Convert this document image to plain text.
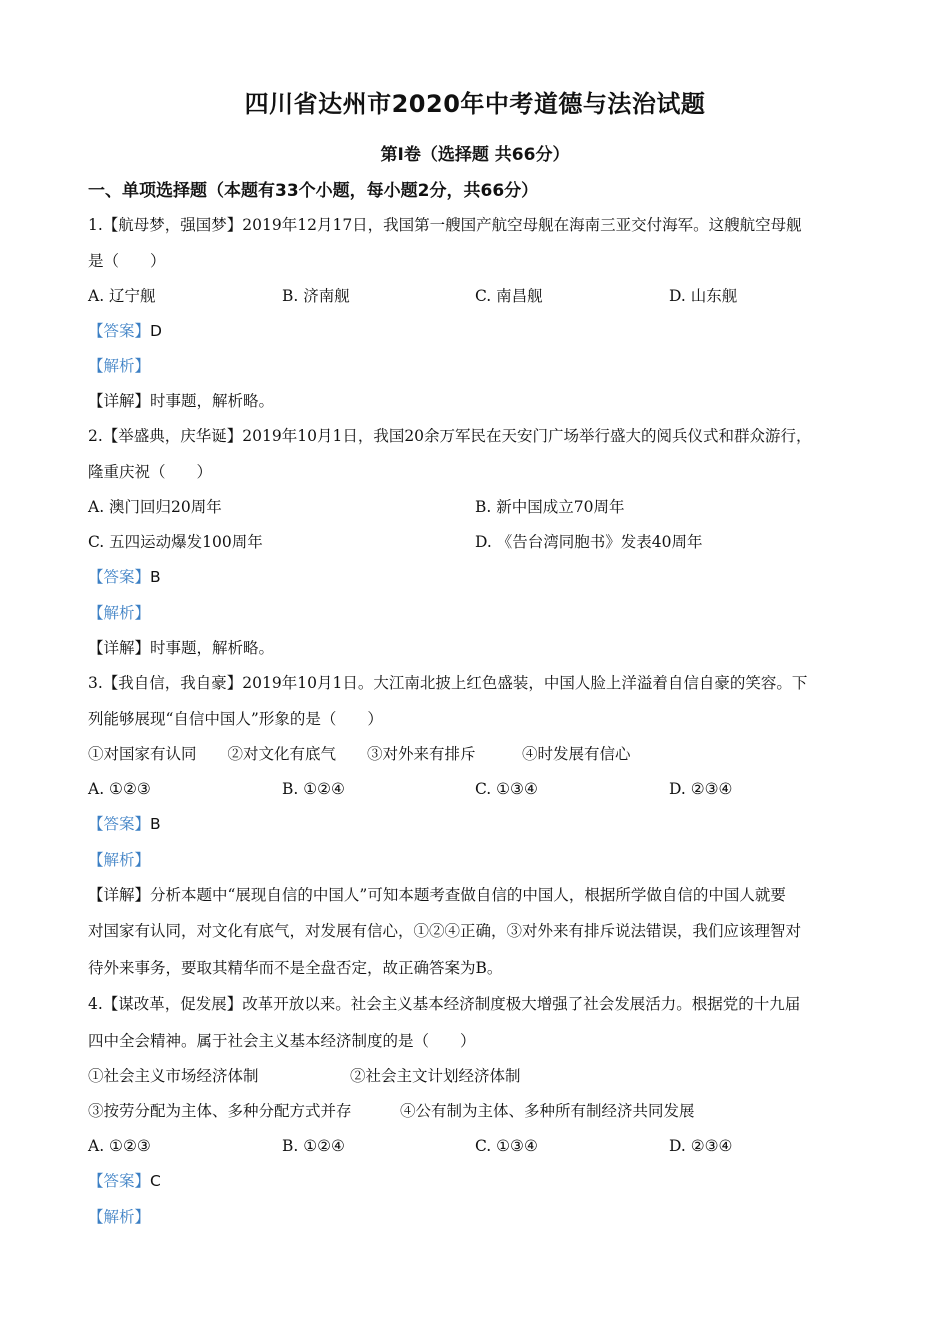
四川省达州市2020年中考道德与法治试题
第I卷（选择题 共66分）
一、单项选择题（本题有33个小题，每小题2分，共66分）
1.【航母梦，强国梦】2019年12月17日，我国第一艘国产航空母舰在海南三亚交付海军。这艘航空母舰
是（　　）
A. 辽宁舰	B. 济南舰	C. 南昌舰	D. 山东舰
【答案】D
【解析】
【详解】时事题，解析略。
2.【举盛典，庆华诞】2019年10月1日，我国20余万军民在天安门广场举行盛大的阅兵仪式和群众游行，
隆重庆祝（　　）
A. 澳门回归20周年	B. 新中国成立70周年
C. 五四运动爆发100周年	D. 《告台湾同胞书》发表40周年
【答案】B
【解析】
【详解】时事题，解析略。
3.【我自信，我自豪】2019年10月1日。大江南北披上红色盛装，中国人脸上洋溢着自信自豪的笑容。下
列能够展现“自信中国人”形象的是（　　）
①对国家有认同　　②对文化有底气　　③对外来有排斥　　　④时发展有信心
A. ①②③	B. ①②④	C. ①③④	D. ②③④
【答案】B
【解析】
【详解】分析本题中“展现自信的中国人”可知本题考查做自信的中国人，根据所学做自信的中国人就要
对国家有认同，对文化有底气，对发展有信心，①②④正确，③对外来有排斥说法错误，我们应该理智对
待外来事务，要取其精华而不是全盘否定，故正确答案为B。
4.【谋改革，促发展】改革开放以来。社会主义基本经济制度极大增强了社会发展活力。根据党的十九届
四中全会精神。属于社会主义基本经济制度的是（　　）
①社会主义市场经济体制	②社会主文计划经济体制
③按劳分配为主体、多种分配方式并存	④公有制为主体、多种所有制经济共同发展
A. ①②③	B. ①②④	C. ①③④	D. ②③④
【答案】C
【解析】
